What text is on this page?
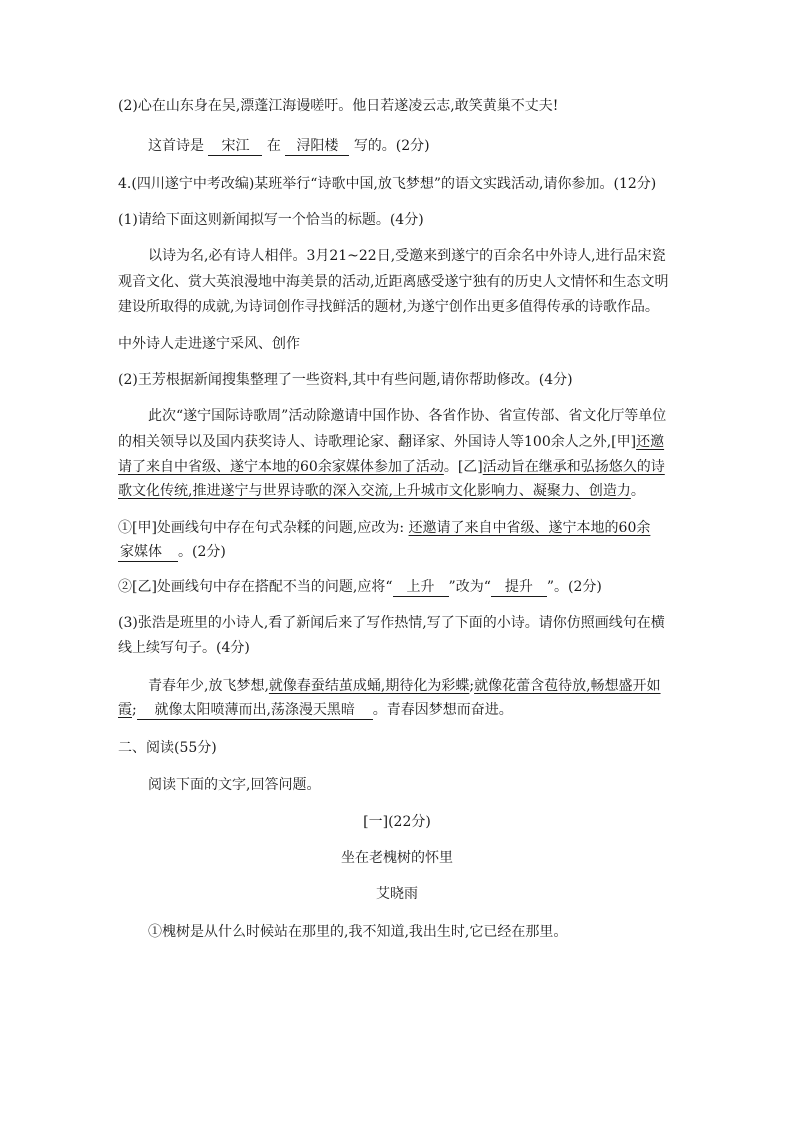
(2)心在山东身在吴,漂蓬江海谩嗟吁。他日若遂凌云志,敢笑黄巢不丈夫!
这首诗是 宋江 在 浔阳楼 写的。(2分)
4.(四川遂宁中考改编)某班举行“诗歌中国,放飞梦想”的语文实践活动,请你参加。(12分)
(1)请给下面这则新闻拟写一个恰当的标题。(4分)
以诗为名,必有诗人相伴。3月21~22日,受邀来到遂宁的百余名中外诗人,进行品宋瓷
观音文化、赏大英浪漫地中海美景的活动,近距离感受遂宁独有的历史人文情怀和生态文明
建设所取得的成就,为诗词创作寻找鲜活的题材,为遂宁创作出更多值得传承的诗歌作品。
中外诗人走进遂宁采风、创作
(2)王芳根据新闻搜集整理了一些资料,其中有些问题,请你帮助修改。(4分)
此次“遂宁国际诗歌周”活动除邀请中国作协、各省作协、省宣传部、省文化厅等单位
的相关领导以及国内获奖诗人、诗歌理论家、翻译家、外国诗人等100余人之外,[甲]还邀
请了来自中省级、遂宁本地的60余家媒体参加了活动。[乙]活动旨在继承和弘扬悠久的诗
歌文化传统,推进遂宁与世界诗歌的深入交流,上升城市文化影响力、凝聚力、创造力。
①[甲]处画线句中存在句式杂糅的问题,应改为: 还邀请了来自中省级、遂宁本地的60余
家媒体 。(2分)
②[乙]处画线句中存在搭配不当的问题,应将“ 上升 ”改为“ 提升 ”。(2分)
(3)张浩是班里的小诗人,看了新闻后来了写作热情,写了下面的小诗。请你仿照画线句在横
线上续写句子。(4分)
青春年少,放飞梦想,就像春蚕结茧成蛹,期待化为彩蝶;就像花蕾含苞待放,畅想盛开如
霞; 就像太阳喷薄而出,荡涤漫天黑暗 。青春因梦想而奋进。
二、阅读(55分)
阅读下面的文字,回答问题。
[一](22分)
坐在老槐树的怀里
艾晓雨
①槐树是从什么时候站在那里的,我不知道,我出生时,它已经在那里。
